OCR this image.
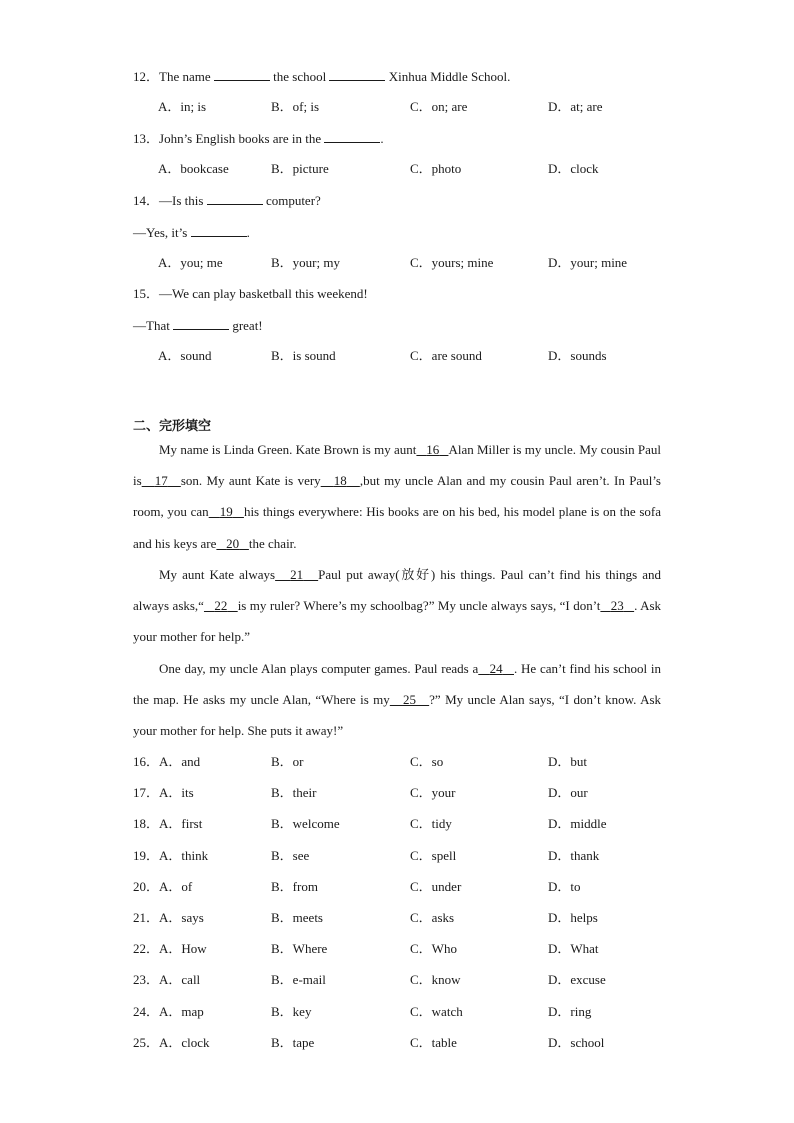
12．The name	the school	Xinhua Middle School.
A．in; is	B．of; is	C．on; are	D．at; are
13．John’s English books are in the	.
A．bookcase	B．picture	C．photo	D．clock
14．—Is this	computer?
—Yes, it’s	.
A．you; me	B．your; my	C．yours; mine	D．your; mine
15．—We can play basketball this weekend!
—That	great!
A．sound	B．is sound	C．are sound	D．sounds
二、完形填空
My name is Linda Green. Kate Brown is my aunt 16 Alan Miller is my uncle. My cousin Paul is 17 son. My aunt Kate is very 18 ,but my uncle Alan and my cousin Paul aren’t. In Paul’s room, you can 19 his things everywhere: His books are on his bed, his model plane is on the sofa and his keys are 20 the chair.
My aunt Kate always 21 Paul put away(放好) his things. Paul can’t find his things and always asks,“ 22 is my ruler? Where’s my schoolbag?” My uncle always says, “I don’t 23 . Ask your mother for help.”
One day, my uncle Alan plays computer games. Paul reads a 24 . He can’t find his school in the map. He asks my uncle Alan, “Where is my 25 ?” My uncle Alan says, “I don’t know. Ask your mother for help. She puts it away!”
16．A．and	B．or	C．so	D．but
17．A．its	B．their	C．your	D．our
18．A．first	B．welcome	C．tidy	D．middle
19．A．think	B．see	C．spell	D．thank
20．A．of	B．from	C．under	D．to
21．A．says	B．meets	C．asks	D．helps
22．A．How	B．Where	C．Who	D．What
23．A．call	B．e-mail	C．know	D．excuse
24．A．map	B．key	C．watch	D．ring
25．A．clock	B．tape	C．table	D．school
